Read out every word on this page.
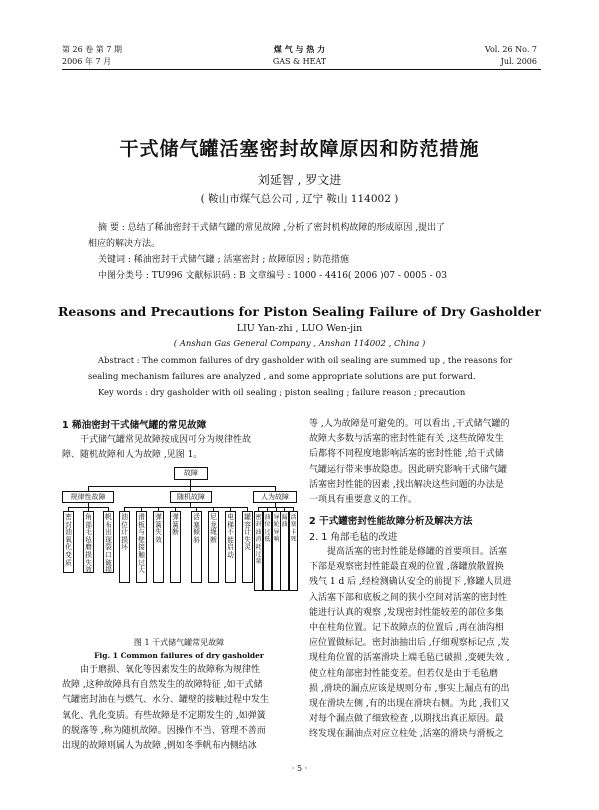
第 26 卷 第 7 期
2006 年 7 月
煤 气 与 热 力
GAS & HEAT
Vol. 26 No. 7
Jul. 2006
干式储气罐活塞密封故障原因和防范措施
刘延智 , 罗文进
( 鞍山市煤气总公司 , 辽宁 鞍山 114002 )
摘 要 : 总结了稀油密封干式储气罐的常见故障 ,分析了密封机构故障的形成原因 ,提出了
相应的解决方法。
关键词 : 稀油密封干式储气罐 ; 活塞密封 ; 故障原因 ; 防范措施
中图分类号 : TU996 文献标识码 : B 文章编号 : 1000 - 4416( 2006 )07 - 0005 - 03
Reasons and Precautions for Piston Sealing Failure of Dry Gasholder
LIU Yan-zhi , LUO Wen-jin
( Anshan Gas General Company , Anshan 114002 , China )
Abstract : The common failures of dry gasholder with oil sealing are summed up , the reasons for
sealing mechanism failures are analyzed , and some appropriate solutions are put forward.
Key words : dry gasholder with oil sealing ; piston sealing ; failure reason ; precaution
1 稀油密封干式储气罐的常见故障
干式储气罐常见故障按成因可分为规律性故
障、随机故障和人为故障 ,见图 1。
故障
规律性故障	随机故障	人为故障
密封油氧化变质
角部毛毡磨损失效
帆布出现裂口破损
油位计损坏
滑板与壁接触过大
弹簧失效
弹簧断
活塞倾斜
尼龙绳断
电梯不能启动
罐容计失灵
密封油消耗过量
油位过低
导轮异响
漏油
活塞卡死
图 1 干式储气罐常见故障
Fig. 1 Common failures of dry gasholder
由于磨损、氧化等因素发生的故障称为规律性
故障 ,这种故障具有自然发生的故障特征 ,如干式储
气罐密封油在与燃气、水分、罐壁的接触过程中发生
氧化、乳化变质。有些故障是不定期发生的 ,如弹簧
的脱落等 ,称为随机故障。因操作不当、管理不善而
出现的故障则属人为故障 ,例如冬季帆布内侧结冰
等 ,人为故障是可避免的。可以看出 ,干式储气罐的
故障大多数与活塞的密封性能有关 ,这些故障发生
后都将不同程度地影响活塞的密封性能 ,给干式储
气罐运行带来事故隐患。因此研究影响干式储气罐
活塞密封性能的因素 ,找出解决这些问题的办法是
一项具有重要意义的工作。
2 干式罐密封性能故障分析及解决方法
2. 1 角部毛毡的改进
提高活塞的密封性能是修罐的首要项目。活塞
下部是观察密封性能最直观的位置 ,落罐放散置换
残气 1 d 后 ,经检测确认安全的前提下 ,修罐人员进
入活塞下部和底板之间的狭小空间对活塞的密封性
能进行认真的观察 ,发现密封性能较差的部位多集
中在柱角位置。记下故障点的位置后 ,再在油沟相
应位置做标记。密封油抽出后 ,仔细观察标记点 ,发
现柱角位置的活塞滑块上端毛毡已破损 ,变硬失效 ,
使立柱角部密封性能变差。但若仅是由于毛毡磨
损 ,滑块的漏点应该是规则分布 ,事实上漏点有的出
现在滑块左侧 ,有的出现在滑块右侧。为此 ,我们又
对每个漏点做了细致检查 ,以期找出真正原因。最
终发现在漏油点对应立柱处 ,活塞的滑块与滑板之
· 5 ·
